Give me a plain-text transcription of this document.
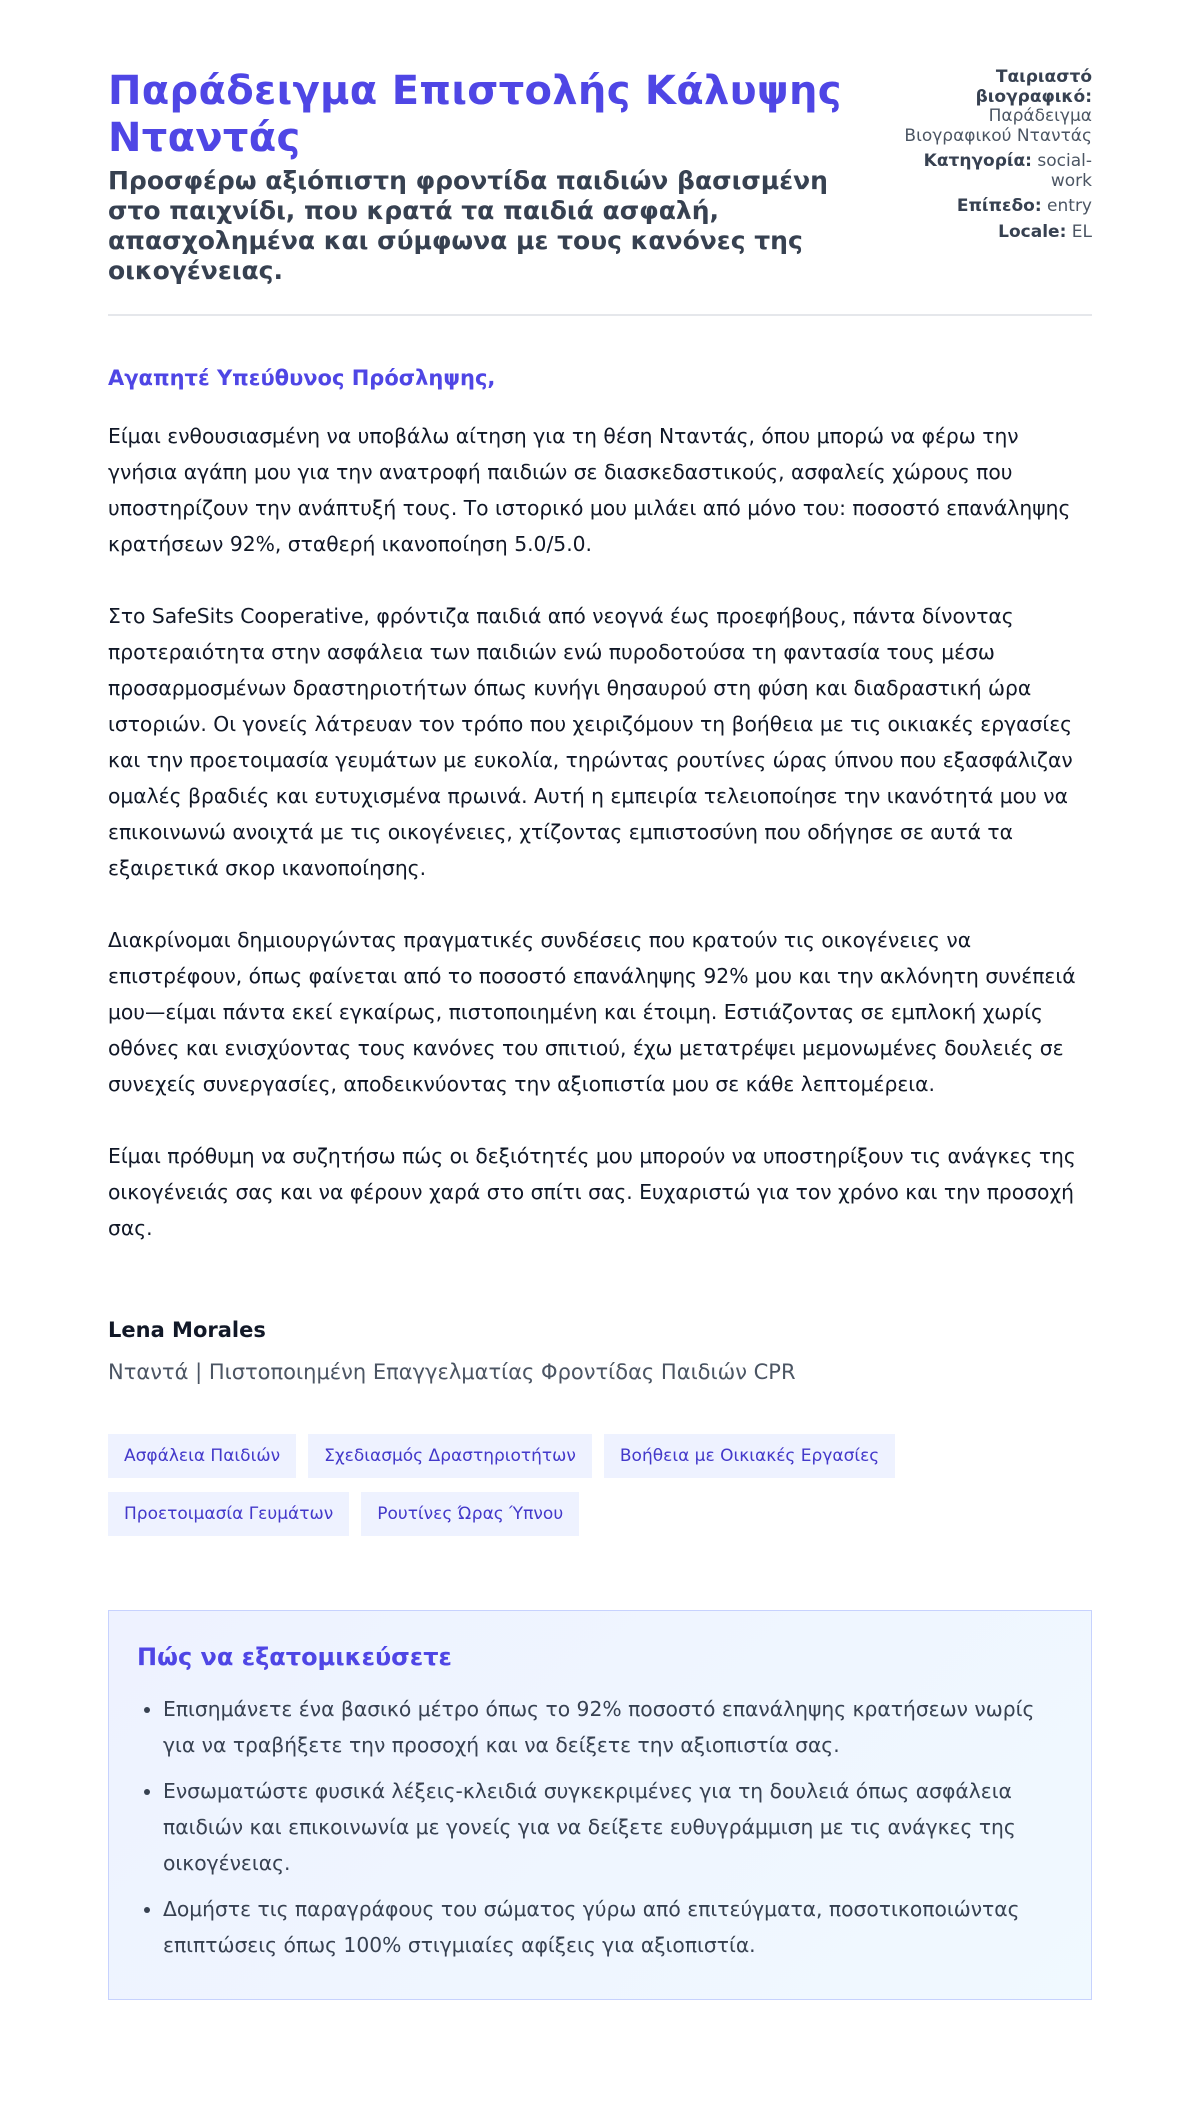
Παράδειγμα Επιστολής Κάλυψης Νταντάς
Προσφέρω αξιόπιστη φροντίδα παιδιών βασισμένη στο παιχνίδι, που κρατά τα παιδιά ασφαλή, απασχολημένα και σύμφωνα με τους κανόνες της οικογένειας.
Ταιριαστό βιογραφικό: Παράδειγμα Βιογραφικού Νταντάς
Κατηγορία: social-work
Επίπεδο: entry
Locale: EL

Αγαπητέ Υπεύθυνος Πρόσληψης,

Είμαι ενθουσιασμένη να υποβάλω αίτηση για τη θέση Νταντάς, όπου μπορώ να φέρω την γνήσια αγάπη μου για την ανατροφή παιδιών σε διασκεδαστικούς, ασφαλείς χώρους που υποστηρίζουν την ανάπτυξή τους. Το ιστορικό μου μιλάει από μόνο του: ποσοστό επανάληψης κρατήσεων 92%, σταθερή ικανοποίηση 5.0/5.0.

Στο SafeSits Cooperative, φρόντιζα παιδιά από νεογνά έως προεφήβους, πάντα δίνοντας προτεραιότητα στην ασφάλεια των παιδιών ενώ πυροδοτούσα τη φαντασία τους μέσω προσαρμοσμένων δραστηριοτήτων όπως κυνήγι θησαυρού στη φύση και διαδραστική ώρα ιστοριών. Οι γονείς λάτρευαν τον τρόπο που χειριζόμουν τη βοήθεια με τις οικιακές εργασίες και την προετοιμασία γευμάτων με ευκολία, τηρώντας ρουτίνες ώρας ύπνου που εξασφάλιζαν ομαλές βραδιές και ευτυχισμένα πρωινά. Αυτή η εμπειρία τελειοποίησε την ικανότητά μου να επικοινωνώ ανοιχτά με τις οικογένειες, χτίζοντας εμπιστοσύνη που οδήγησε σε αυτά τα εξαιρετικά σκορ ικανοποίησης.

Διακρίνομαι δημιουργώντας πραγματικές συνδέσεις που κρατούν τις οικογένειες να επιστρέφουν, όπως φαίνεται από το ποσοστό επανάληψης 92% μου και την ακλόνητη συνέπειά μου—είμαι πάντα εκεί εγκαίρως, πιστοποιημένη και έτοιμη. Εστιάζοντας σε εμπλοκή χωρίς οθόνες και ενισχύοντας τους κανόνες του σπιτιού, έχω μετατρέψει μεμονωμένες δουλειές σε συνεχείς συνεργασίες, αποδεικνύοντας την αξιοπιστία μου σε κάθε λεπτομέρεια.

Είμαι πρόθυμη να συζητήσω πώς οι δεξιότητές μου μπορούν να υποστηρίξουν τις ανάγκες της οικογένειάς σας και να φέρουν χαρά στο σπίτι σας. Ευχαριστώ για τον χρόνο και την προσοχή σας.

Lena Morales
Νταντά | Πιστοποιημένη Επαγγελματίας Φροντίδας Παιδιών CPR
Ασφάλεια Παιδιών	Σχεδιασμός Δραστηριοτήτων	Βοήθεια με Οικιακές Εργασίες
Προετοιμασία Γευμάτων	Ρουτίνες Ώρας Ύπνου
Πώς να εξατομικεύσετε
• Επισημάνετε ένα βασικό μέτρο όπως το 92% ποσοστό επανάληψης κρατήσεων νωρίς για να τραβήξετε την προσοχή και να δείξετε την αξιοπιστία σας.
• Ενσωματώστε φυσικά λέξεις-κλειδιά συγκεκριμένες για τη δουλειά όπως ασφάλεια παιδιών και επικοινωνία με γονείς για να δείξετε ευθυγράμμιση με τις ανάγκες της οικογένειας.
• Δομήστε τις παραγράφους του σώματος γύρω από επιτεύγματα, ποσοτικοποιώντας επιπτώσεις όπως 100% στιγμιαίες αφίξεις για αξιοπιστία.
